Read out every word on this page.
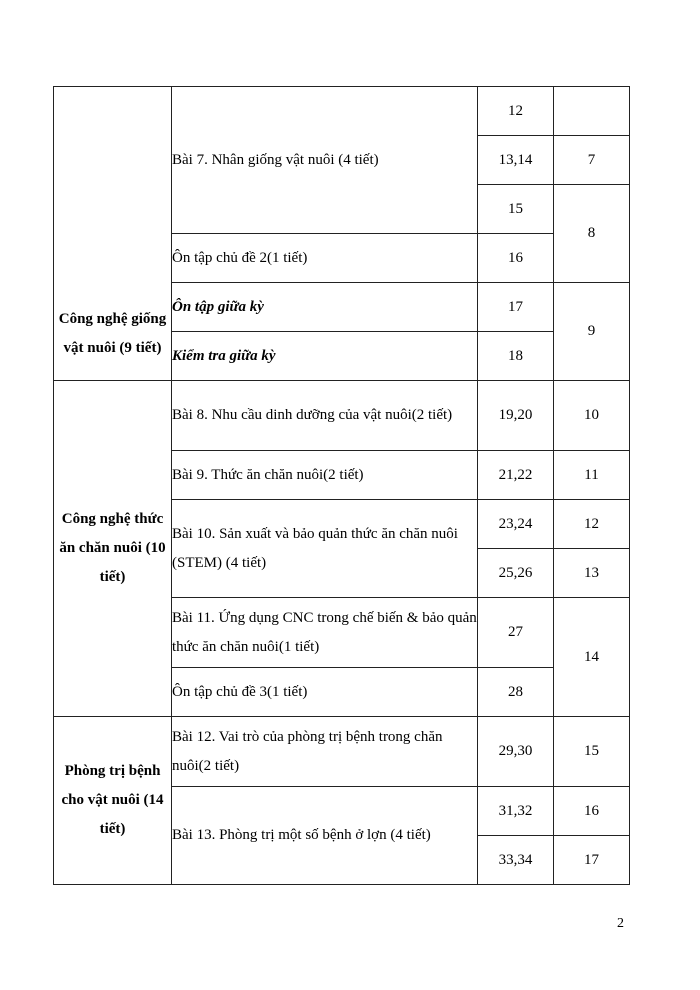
Công nghệ giống vật nuôi (9 tiết)	Bài 7. Nhân giống vật nuôi (4 tiết)	12	
		13,14	7
		15	8
	Ôn tập chủ đề 2(1 tiết)	16	
	Ôn tập giữa kỳ	17	9
	Kiểm tra giữa kỳ	18	
Công nghệ thức ăn chăn nuôi (10 tiết)	Bài 8. Nhu cầu dinh dưỡng của vật nuôi(2 tiết)	19,20	10
	Bài 9. Thức ăn chăn nuôi(2 tiết)	21,22	11
	Bài 10. Sản xuất và bảo quản thức ăn chăn nuôi (STEM) (4 tiết)	23,24	12
		25,26	13
	Bài 11. Ứng dụng CNC trong chế biến & bảo quản thức ăn chăn nuôi(1 tiết)	27	14
	Ôn tập chủ đề 3(1 tiết)	28	
Phòng trị bệnh cho vật nuôi (14 tiết)	Bài 12. Vai trò của phòng trị bệnh trong chăn nuôi(2 tiết)	29,30	15
	Bài 13. Phòng trị một số bệnh ở lợn (4 tiết)	31,32	16
		33,34	17
2
